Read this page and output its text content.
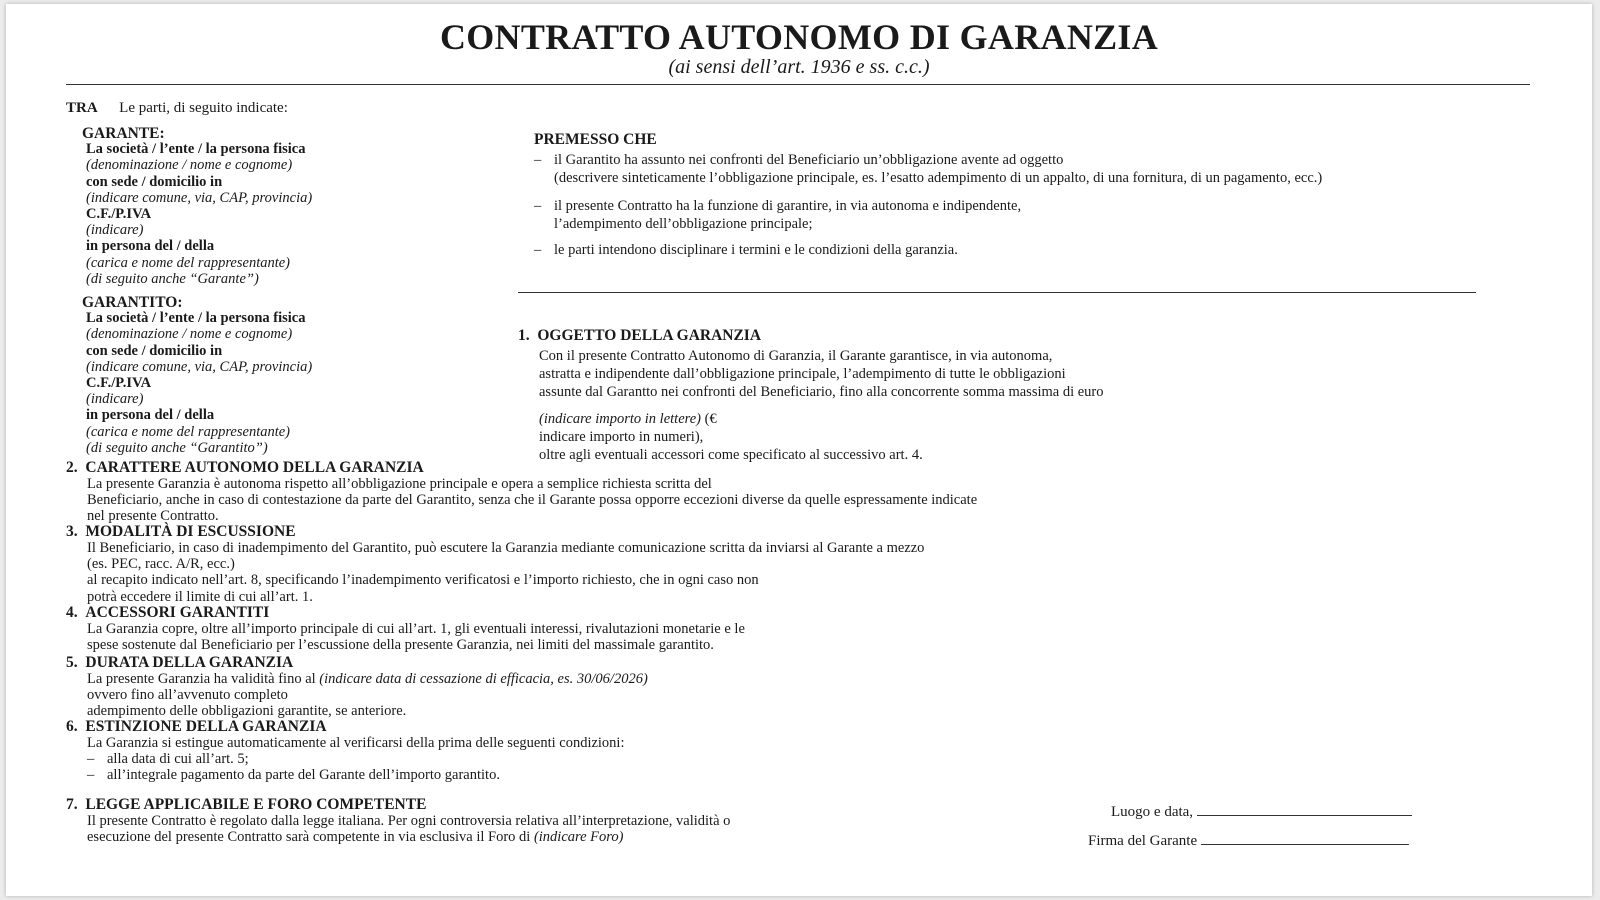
CONTRATTO AUTONOMO DI GARANZIA
(ai sensi dell’art. 1936 e ss. c.c.)
TRA Le parti, di seguito indicate:
GARANTE:
La società / l’ente / la persona fisica
(denominazione / nome e cognome)
con sede / domicilio in
(indicare comune, via, CAP, provincia)
C.F./P.IVA
(indicare)
in persona del / della
(carica e nome del rappresentante)
(di seguito anche “Garante”)
GARANTITO:
La società / l’ente / la persona fisica
(denominazione / nome e cognome)
con sede / domicilio in
(indicare comune, via, CAP, provincia)
C.F./P.IVA
(indicare)
in persona del / della
(carica e nome del rappresentante)
(di seguito anche “Garantito”)
PREMESSO CHE
– il Garantito ha assunto nei confronti del Beneficiario un’obbligazione avente ad oggetto
(descrivere sinteticamente l’obbligazione principale, es. l’esatto adempimento di un appalto, di una fornitura, di un pagamento, ecc.)
– il presente Contratto ha la funzione di garantire, in via autonoma e indipendente,
l’adempimento dell’obbligazione principale;
– le parti intendono disciplinare i termini e le condizioni della garanzia.
1. OGGETTO DELLA GARANZIA
Con il presente Contratto Autonomo di Garanzia, il Garante garantisce, in via autonoma,
astratta e indipendente dall’obbligazione principale, l’adempimento di tutte le obbligazioni
assunte dal Garantto nei confronti del Beneficiario, fino alla concorrente somma massima di euro
(indicare importo in lettere) (€
indicare importo in numeri),
oltre agli eventuali accessori come specificato al successivo art. 4.
2. CARATTERE AUTONOMO DELLA GARANZIA
La presente Garanzia è autonoma rispetto all’obbligazione principale e opera a semplice richiesta scritta del
Beneficiario, anche in caso di contestazione da parte del Garantito, senza che il Garante possa opporre eccezioni diverse da quelle espressamente indicate
nel presente Contratto.
3. MODALITÀ DI ESCUSSIONE
Il Beneficiario, in caso di inadempimento del Garantito, può escutere la Garanzia mediante comunicazione scritta da inviarsi al Garante a mezzo
(es. PEC, racc. A/R, ecc.)
al recapito indicato nell’art. 8, specificando l’inadempimento verificatosi e l’importo richiesto, che in ogni caso non
potrà eccedere il limite di cui all’art. 1.
4. ACCESSORI GARANTITI
La Garanzia copre, oltre all’importo principale di cui all’art. 1, gli eventuali interessi, rivalutazioni monetarie e le
spese sostenute dal Beneficiario per l’escussione della presente Garanzia, nei limiti del massimale garantito.
5. DURATA DELLA GARANZIA
La presente Garanzia ha validità fino al (indicare data di cessazione di efficacia, es. 30/06/2026)
ovvero fino all’avvenuto completo
adempimento delle obbligazioni garantite, se anteriore.
6. ESTINZIONE DELLA GARANZIA
La Garanzia si estingue automaticamente al verificarsi della prima delle seguenti condizioni:
– alla data di cui all’art. 5;
– all’integrale pagamento da parte del Garante dell’importo garantito.
7. LEGGE APPLICABILE E FORO COMPETENTE
Il presente Contratto è regolato dalla legge italiana. Per ogni controversia relativa all’interpretazione, validità o
esecuzione del presente Contratto sarà competente in via esclusiva il Foro di (indicare Foro)
Luogo e data,
Firma del Garante
